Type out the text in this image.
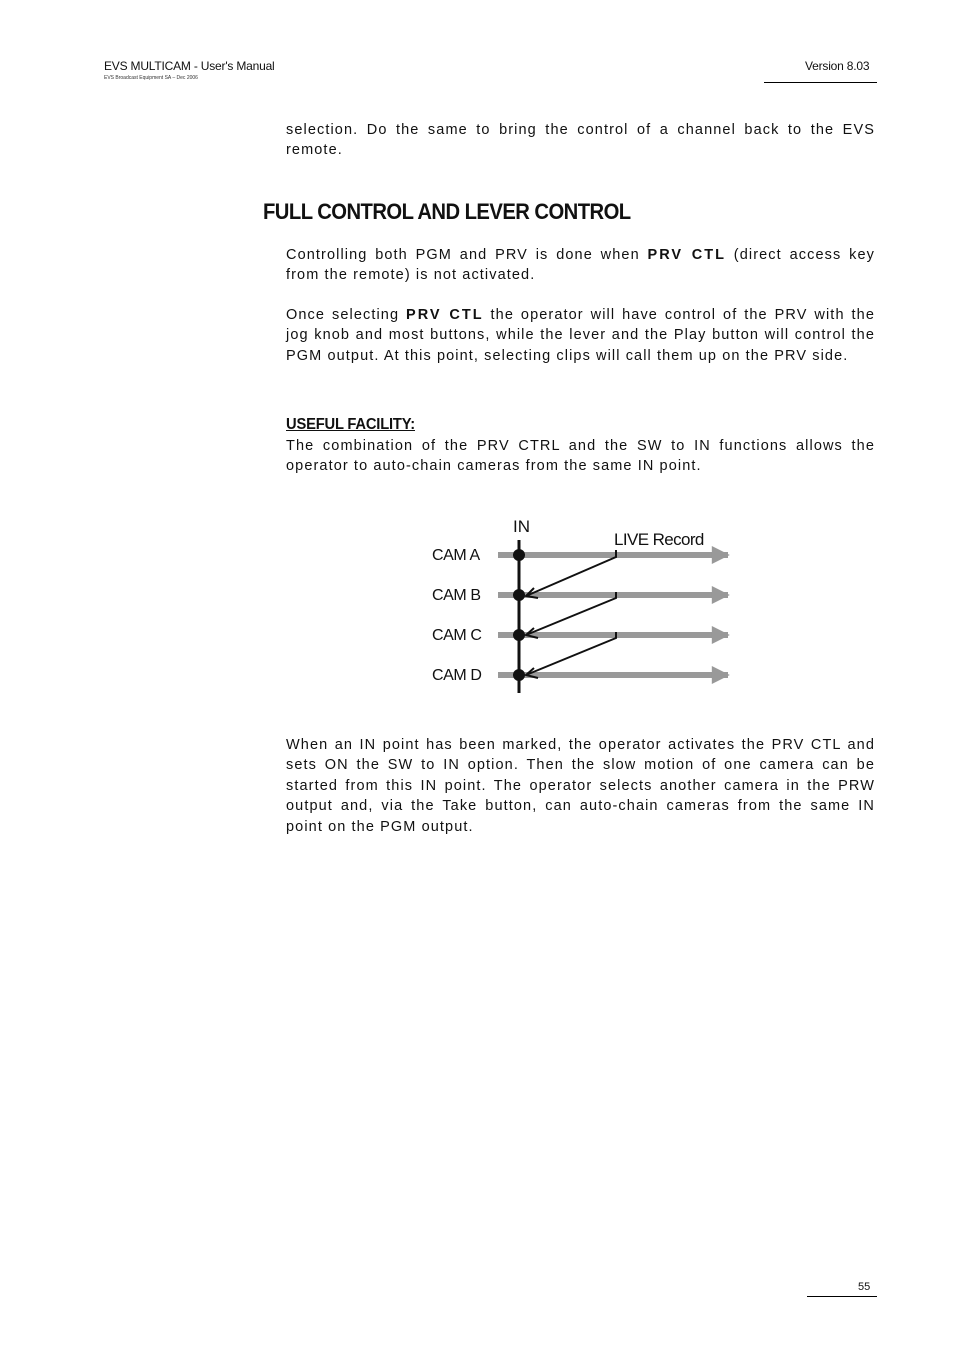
EVS MULTICAM - User's Manual
EVS Broadcast Equipment SA – Dec 2006
Version 8.03

selection. Do the same to bring the control of a channel back to the EVS remote.

FULL CONTROL AND LEVER CONTROL

Controlling both PGM and PRV is done when PRV CTL (direct access key from the remote) is not activated.

Once selecting PRV CTL the operator will have control of the PRV with the jog knob and most buttons, while the lever and the Play button will control the PGM output. At this point, selecting clips will call them up on the PRV side.

USEFUL FACILITY:

The combination of the PRV CTRL and the SW to IN functions allows the operator to auto-chain cameras from the same IN point.

IN
LIVE Record
CAM A
CAM B
CAM C
CAM D

When an IN point has been marked, the operator activates the PRV CTL and sets ON the SW to IN option. Then the slow motion of one camera can be started from this IN point. The operator selects another camera in the PRW output and, via the Take button, can auto-chain cameras from the same IN point on the PGM output.

55
